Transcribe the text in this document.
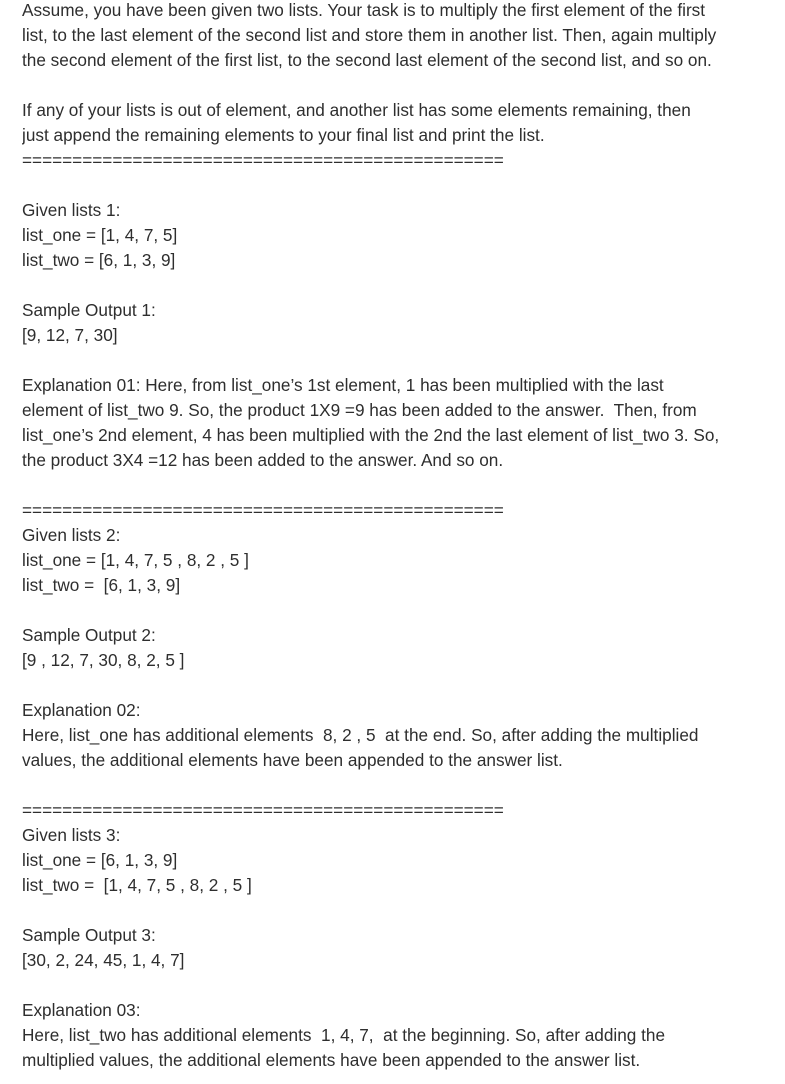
Assume, you have been given two lists. Your task is to multiply the first element of the first
list, to the last element of the second list and store them in another list. Then, again multiply
the second element of the first list, to the second last element of the second list, and so on.
If any of your lists is out of element, and another list has some elements remaining, then
just append the remaining elements to your final list and print the list.
================================================
Given lists 1:
list_one = [1, 4, 7, 5]
list_two = [6, 1, 3, 9]
Sample Output 1:
[9, 12, 7, 30]
Explanation 01: Here, from list_one’s 1st element, 1 has been multiplied with the last
element of list_two 9. So, the product 1X9 =9 has been added to the answer.  Then, from
list_one’s 2nd element, 4 has been multiplied with the 2nd the last element of list_two 3. So,
the product 3X4 =12 has been added to the answer. And so on.
================================================
Given lists 2:
list_one = [1, 4, 7, 5 , 8, 2 , 5 ]
list_two =  [6, 1, 3, 9]
Sample Output 2:
[9 , 12, 7, 30, 8, 2, 5 ]
Explanation 02:
Here, list_one has additional elements  8, 2 , 5  at the end. So, after adding the multiplied
values, the additional elements have been appended to the answer list.
================================================
Given lists 3:
list_one = [6, 1, 3, 9]
list_two =  [1, 4, 7, 5 , 8, 2 , 5 ]
Sample Output 3:
[30, 2, 24, 45, 1, 4, 7]
Explanation 03:
Here, list_two has additional elements  1, 4, 7,  at the beginning. So, after adding the
multiplied values, the additional elements have been appended to the answer list.
